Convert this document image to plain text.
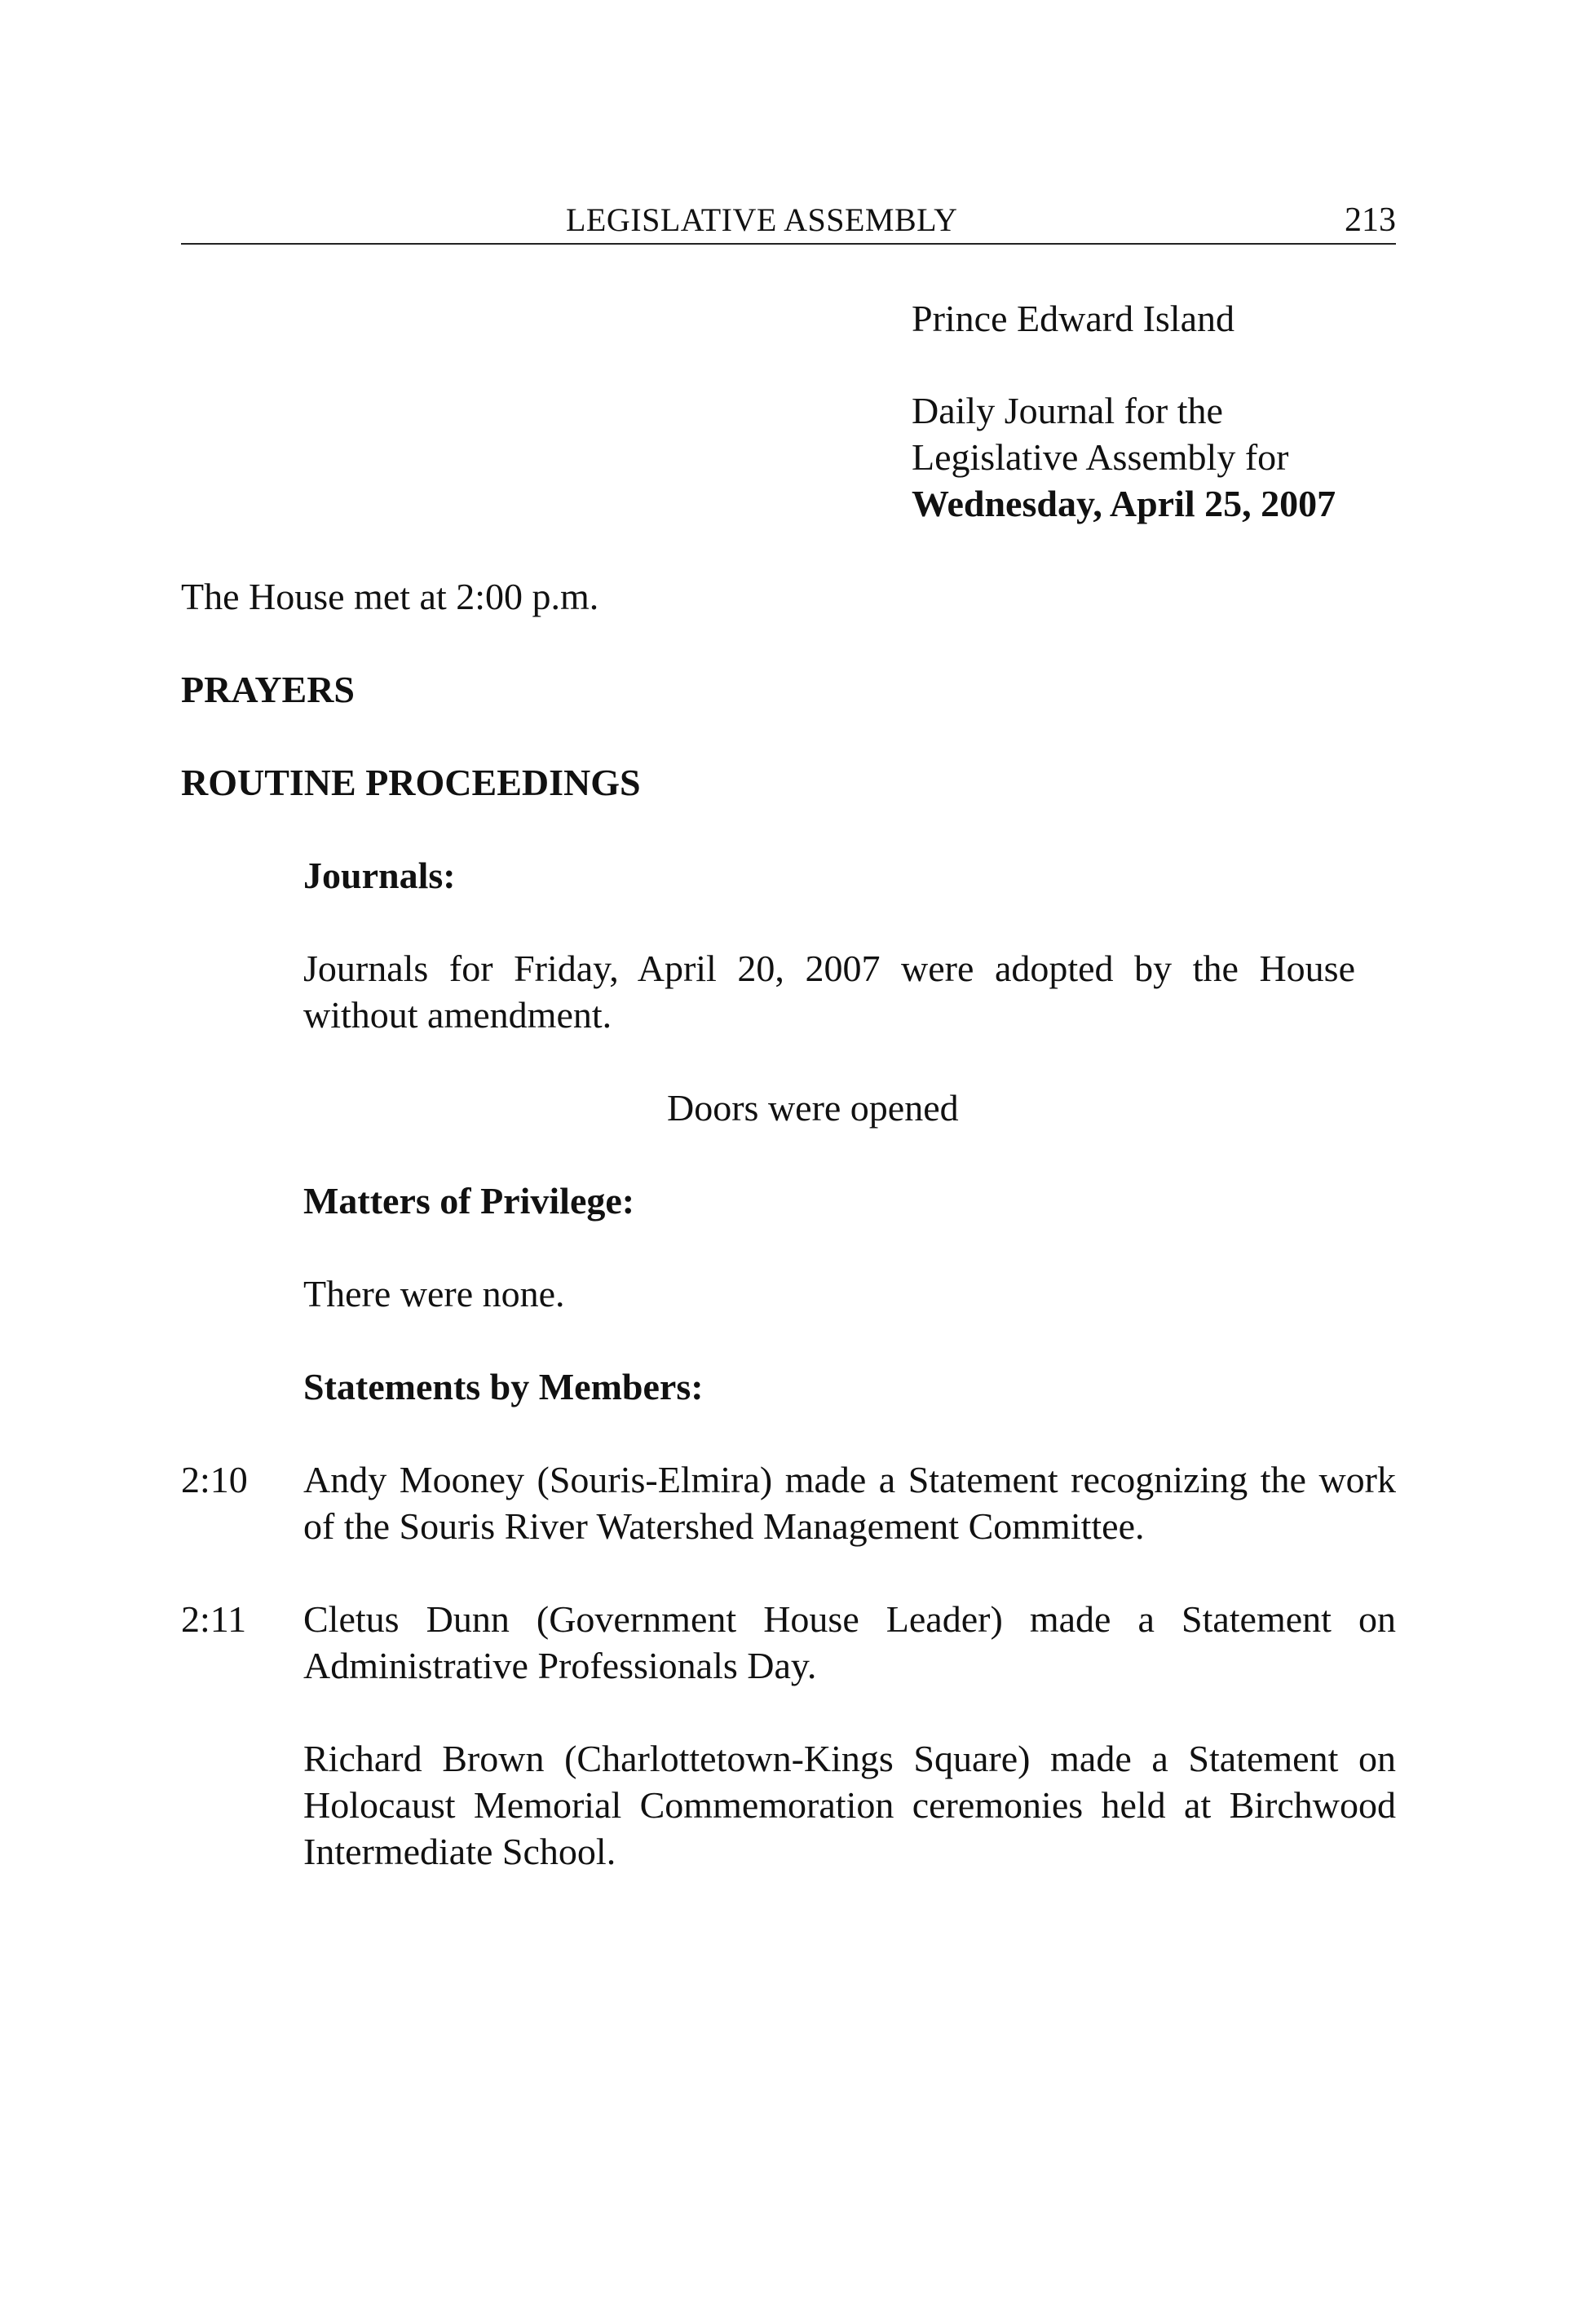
LEGISLATIVE ASSEMBLY	213
Prince Edward Island
Daily Journal for the
Legislative Assembly for
Wednesday, April 25, 2007
The House met at 2:00 p.m.
PRAYERS
ROUTINE PROCEEDINGS
Journals:
Journals for Friday, April 20, 2007 were adopted by the House without amendment.
Doors were opened
Matters of Privilege:
There were none.
Statements by Members:
2:10 Andy Mooney (Souris-Elmira) made a Statement recognizing the work of the Souris River Watershed Management Committee.
2:11 Cletus Dunn (Government House Leader) made a Statement on Administrative Professionals Day.
Richard Brown (Charlottetown-Kings Square) made a Statement on Holocaust Memorial Commemoration ceremonies held at Birchwood Intermediate School.
